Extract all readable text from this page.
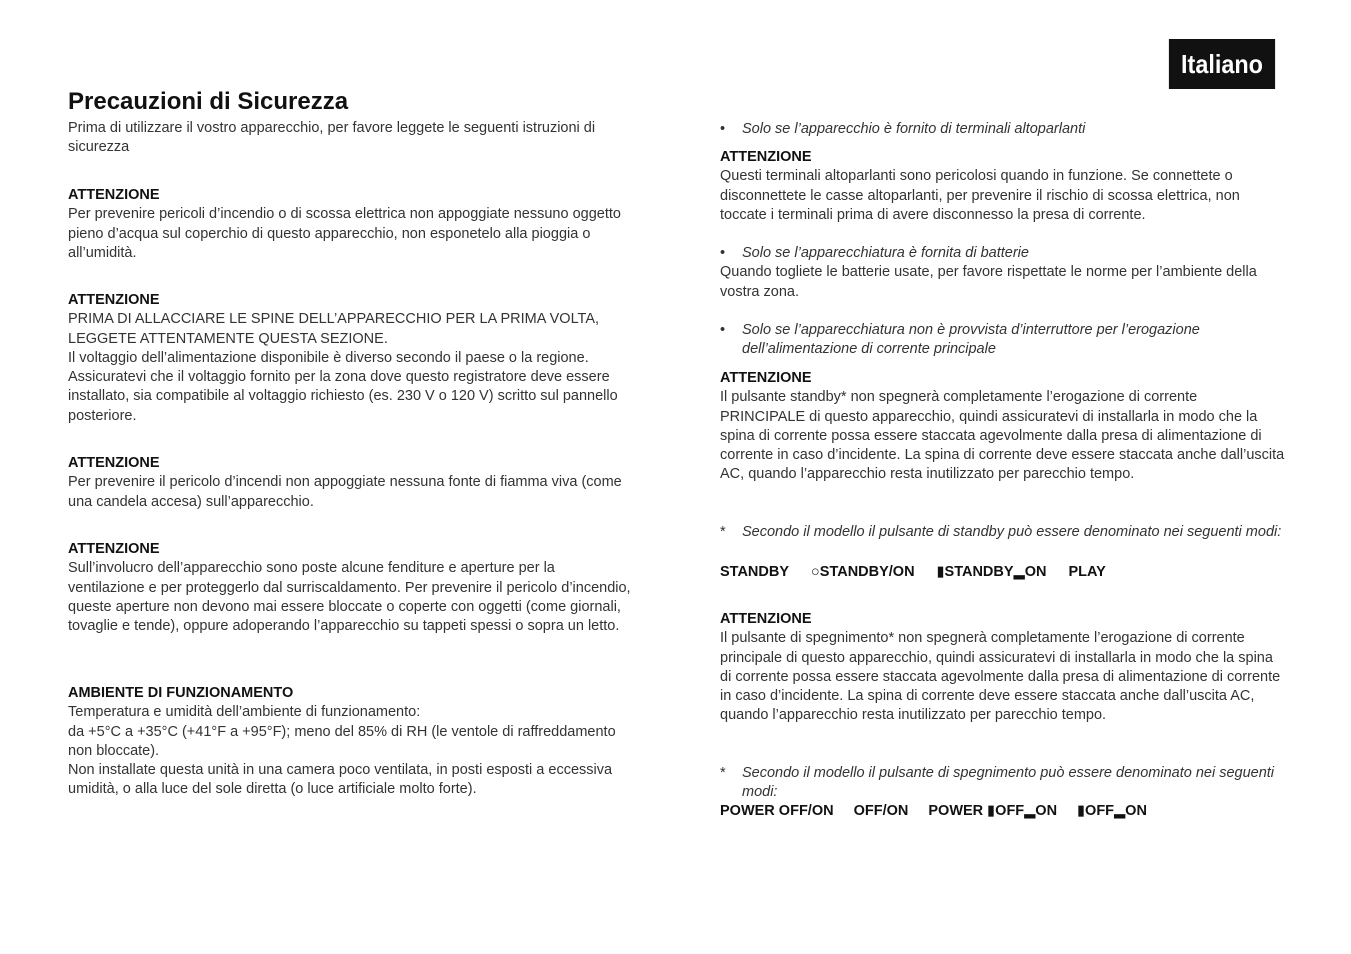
Italiano
Precauzioni di Sicurezza

Prima di utilizzare il vostro apparecchio, per favore leggete le seguenti istruzioni di sicurezza

ATTENZIONE

Per prevenire pericoli d’incendio o di scossa elettrica non appoggiate nessuno oggetto pieno d’acqua sul coperchio di questo apparecchio, non esponetelo alla pioggia o all’umidità.

ATTENZIONE

PRIMA DI ALLACCIARE LE SPINE DELL’APPARECCHIO PER LA PRIMA VOLTA, LEGGETE ATTENTAMENTE QUESTA SEZIONE.

Il voltaggio dell’alimentazione disponibile è diverso secondo il paese o la regione. Assicuratevi che il voltaggio fornito per la zona dove questo registratore deve essere installato, sia compatibile al voltaggio richiesto (es. 230 V o 120 V) scritto sul pannello posteriore.

ATTENZIONE

Per prevenire il pericolo d’incendi non appoggiate nessuna fonte di fiamma viva (come una candela accesa) sull’apparecchio.

ATTENZIONE

Sull’involucro dell’apparecchio sono poste alcune fenditure e aperture per la ventilazione e per proteggerlo dal surriscaldamento. Per prevenire il pericolo d’incendio, queste aperture non devono mai essere bloccate o coperte con oggetti (come giornali, tovaglie e tende), oppure adoperando l’apparecchio su tappeti spessi o sopra un letto.

AMBIENTE DI FUNZIONAMENTO

Temperatura e umidità dell’ambiente di funzionamento:

da +5°C a +35°C (+41°F a +95°F); meno del 85% di RH (le ventole di raffreddamento non bloccate).

Non installate questa unità in una camera poco ventilata, in posti esposti a eccessiva umidità, o alla luce del sole diretta (o luce artificiale molto forte).

•	Solo se l’apparecchio è fornito di terminali altoparlanti

ATTENZIONE

Questi terminali altoparlanti sono pericolosi quando in funzione. Se connettete o disconnettete le casse altoparlanti, per prevenire il rischio di scossa elettrica, non toccate i terminali prima di avere disconnesso la presa di corrente.

•	Solo se l’apparecchiatura è fornita di batterie

Quando togliete le batterie usate, per favore rispettate le norme per l’ambiente della vostra zona.

•	Solo se l’apparecchiatura non è provvista d’interruttore per l’erogazione dell’alimentazione di corrente principale

ATTENZIONE

Il pulsante standby* non spegnerà completamente l’erogazione di corrente PRINCIPALE di questo apparecchio, quindi assicuratevi di installarla in modo che la spina di corrente possa essere staccata agevolmente dalla presa di alimentazione di corrente in caso d’incidente. La spina di corrente deve essere staccata anche dall’uscita AC, quando l’apparecchio resta inutilizzato per parecchio tempo.

*	Secondo il modello il pulsante di standby può essere denominato nei seguenti modi:
STANDBY ○STANDBY/ON ▮STANDBY▂ON PLAY

ATTENZIONE

Il pulsante di spegnimento* non spegnerà completamente l’erogazione di corrente principale di questo apparecchio, quindi assicuratevi di installarla in modo che la spina di corrente possa essere staccata agevolmente dalla presa di alimentazione di corrente in caso d’incidente. La spina di corrente deve essere staccata anche dall’uscita AC, quando l’apparecchio resta inutilizzato per parecchio tempo.

*	Secondo il modello il pulsante di spegnimento può essere denominato nei seguenti modi:
POWER OFF/ON OFF/ON POWER ▮OFF▂ON ▮OFF▂ON
